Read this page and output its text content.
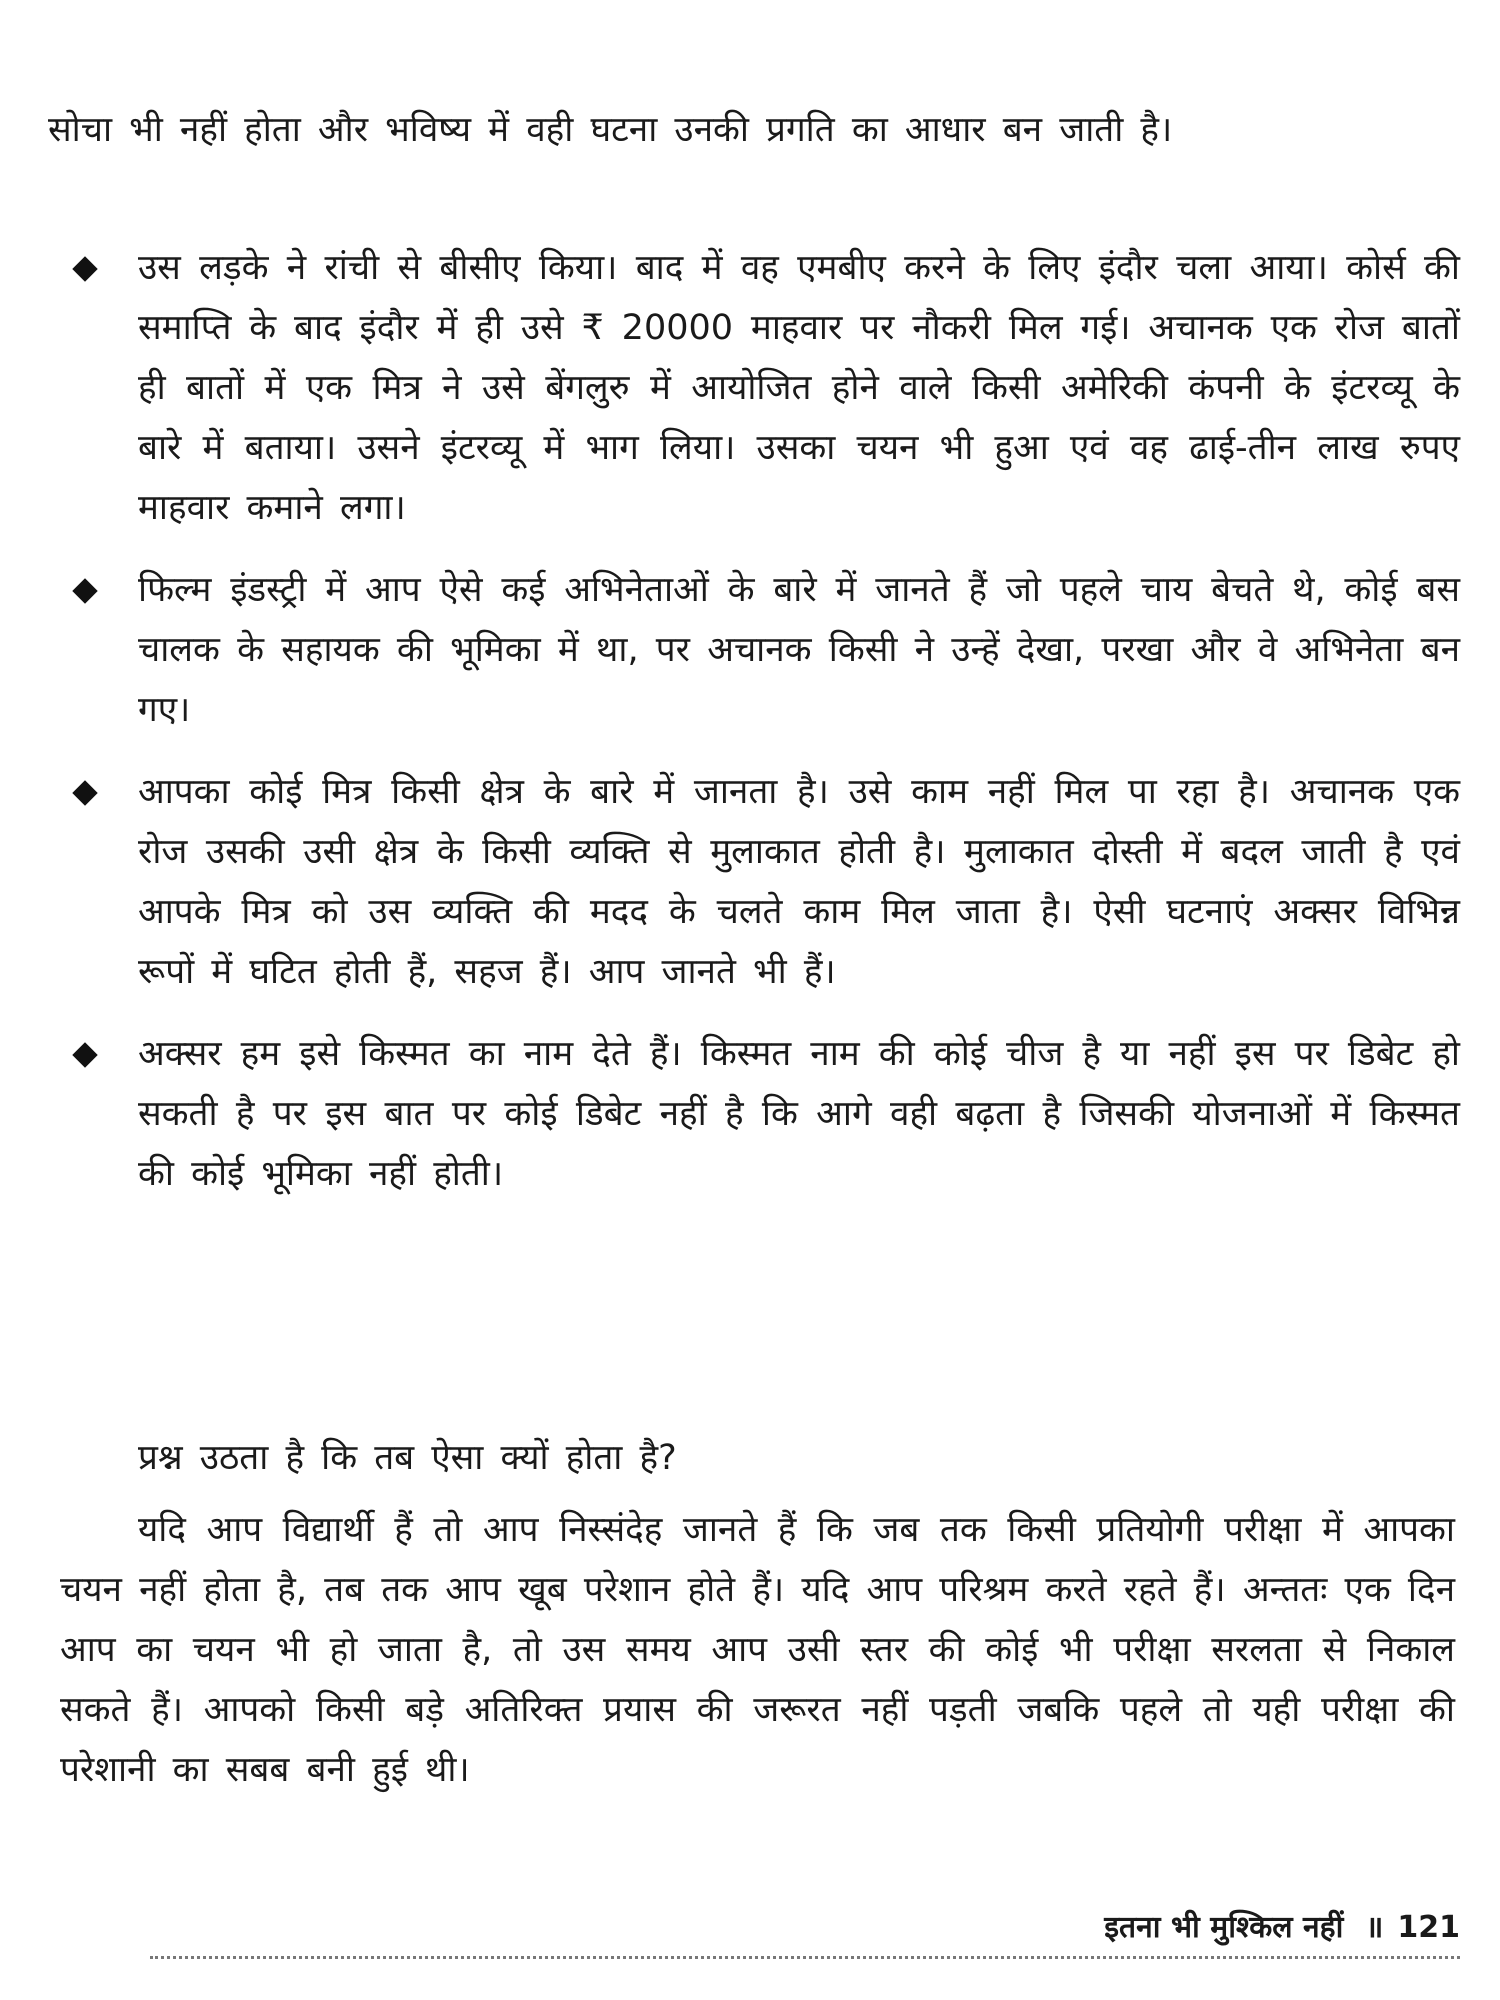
सोचा भी नहीं होता और भविष्य में वही घटना उनकी प्रगति का आधार बन जाती है।

उस लड़के ने रांची से बीसीए किया। बाद में वह एमबीए करने के लिए इंदौर चला आया। कोर्स की समाप्ति के बाद इंदौर में ही उसे ₹ 20000 माहवार पर नौकरी मिल गई। अचानक एक रोज बातों ही बातों में एक मित्र ने उसे बेंगलुरु में आयोजित होने वाले किसी अमेरिकी कंपनी के इंटरव्यू के बारे में बताया। उसने इंटरव्यू में भाग लिया। उसका चयन भी हुआ एवं वह ढाई-तीन लाख रुपए माहवार कमाने लगा।
फिल्म इंडस्ट्री में आप ऐसे कई अभिनेताओं के बारे में जानते हैं जो पहले चाय बेचते थे, कोई बस चालक के सहायक की भूमिका में था, पर अचानक किसी ने उन्हें देखा, परखा और वे अभिनेता बन गए।
आपका कोई मित्र किसी क्षेत्र के बारे में जानता है। उसे काम नहीं मिल पा रहा है। अचानक एक रोज उसकी उसी क्षेत्र के किसी व्यक्ति से मुलाकात होती है। मुलाकात दोस्ती में बदल जाती है एवं आपके मित्र को उस व्यक्ति की मदद के चलते काम मिल जाता है। ऐसी घटनाएं अक्सर विभिन्न रूपों में घटित होती हैं, सहज हैं। आप जानते भी हैं।
अक्सर हम इसे किस्मत का नाम देते हैं। किस्मत नाम की कोई चीज है या नहीं इस पर डिबेट हो सकती है पर इस बात पर कोई डिबेट नहीं है कि आगे वही बढ़ता है जिसकी योजनाओं में किस्मत की कोई भूमिका नहीं होती।

प्रश्न उठता है कि तब ऐसा क्यों होता है?

यदि आप विद्यार्थी हैं तो आप निस्संदेह जानते हैं कि जब तक किसी प्रतियोगी परीक्षा में आपका चयन नहीं होता है, तब तक आप खूब परेशान होते हैं। यदि आप परिश्रम करते रहते हैं। अन्ततः एक दिन आप का चयन भी हो जाता है, तो उस समय आप उसी स्तर की कोई भी परीक्षा सरलता से निकाल सकते हैं। आपको किसी बड़े अतिरिक्त प्रयास की जरूरत नहीं पड़ती जबकि पहले तो यही परीक्षा की परेशानी का सबब बनी हुई थी।

इतना भी मुश्किल नहीं ॥ 121
